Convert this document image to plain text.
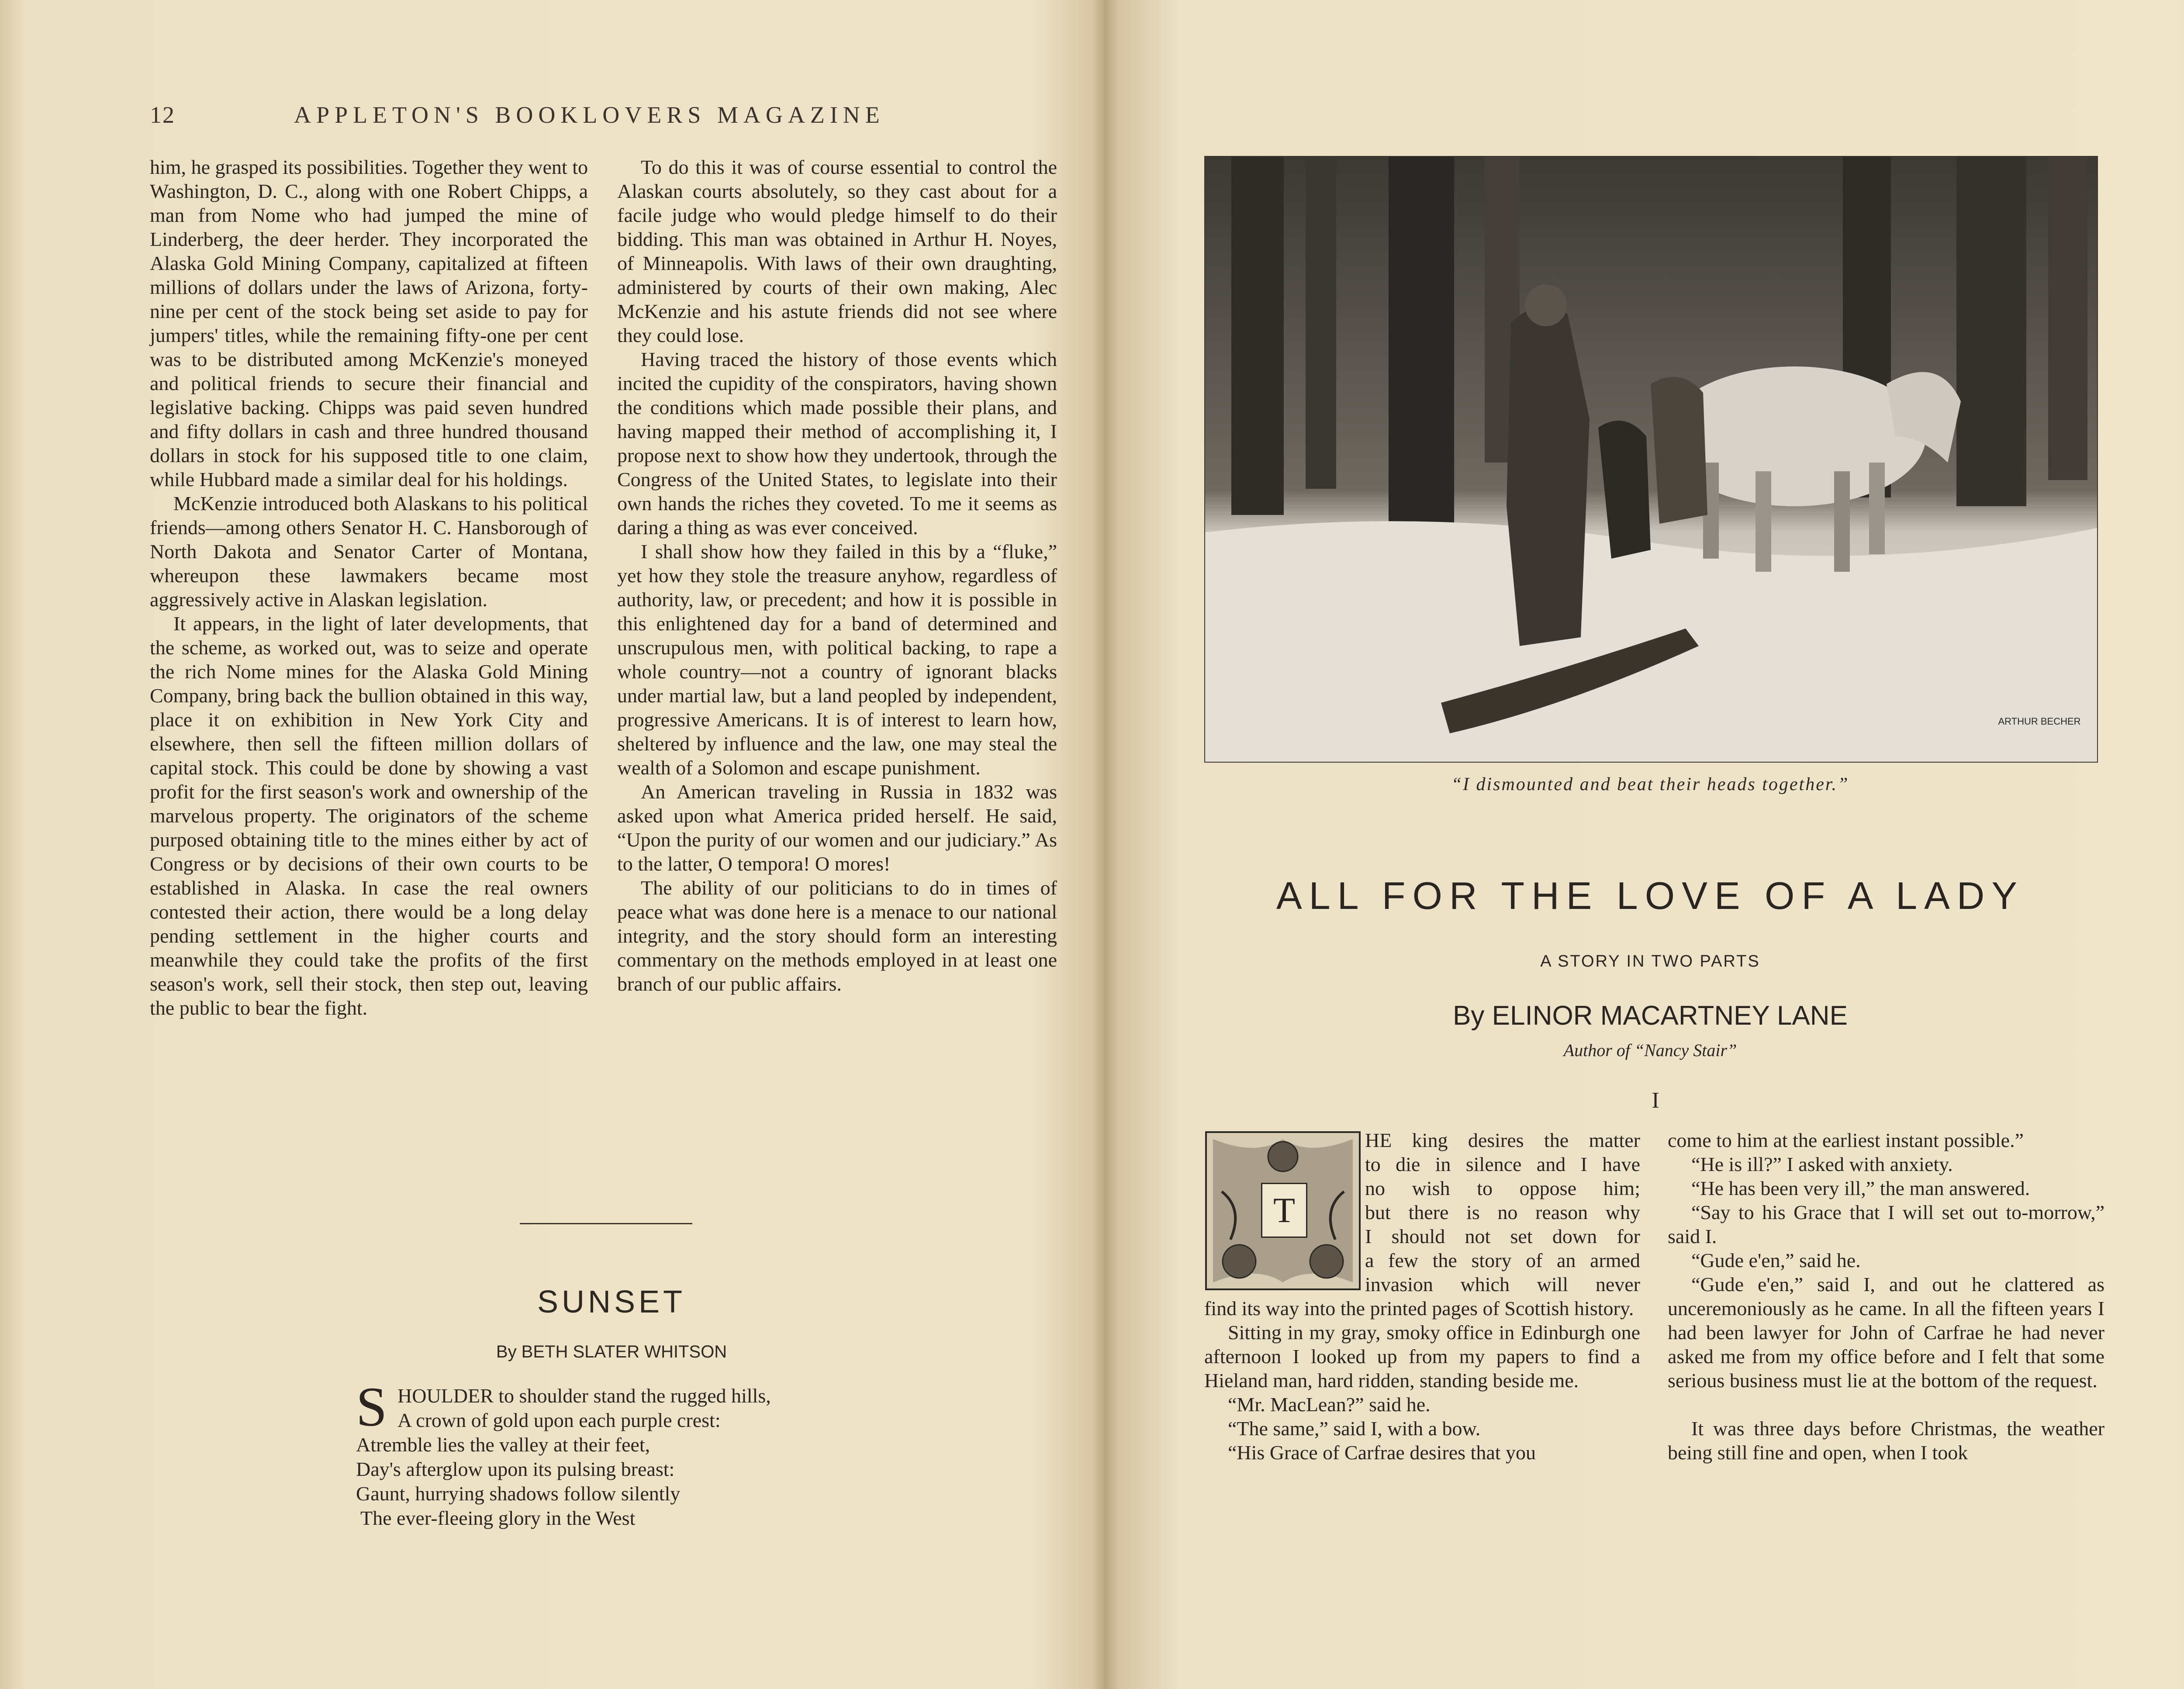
12	APPLETON'S BOOKLOVERS MAGAZINE

him, he grasped its possibilities. Together they went to Washington, D. C., along with one Robert Chipps, a man from Nome who had jumped the mine of Linderberg, the deer herder. They incorporated the Alaska Gold Mining Company, capitalized at fifteen millions of dollars under the laws of Arizona, forty-nine per cent of the stock being set aside to pay for jumpers' titles, while the remaining fifty-one per cent was to be distributed among McKenzie's moneyed and political friends to secure their financial and legislative backing. Chipps was paid seven hundred and fifty dollars in cash and three hundred thousand dollars in stock for his supposed title to one claim, while Hubbard made a similar deal for his holdings.

McKenzie introduced both Alaskans to his political friends—among others Senator H. C. Hansborough of North Dakota and Senator Carter of Montana, whereupon these lawmakers became most aggressively active in Alaskan legislation.

It appears, in the light of later developments, that the scheme, as worked out, was to seize and operate the rich Nome mines for the Alaska Gold Mining Company, bring back the bullion obtained in this way, place it on exhibition in New York City and elsewhere, then sell the fifteen million dollars of capital stock. This could be done by showing a vast profit for the first season's work and ownership of the marvelous property. The originators of the scheme purposed obtaining title to the mines either by act of Congress or by decisions of their own courts to be established in Alaska. In case the real owners contested their action, there would be a long delay pending settlement in the higher courts and meanwhile they could take the profits of the first season's work, sell their stock, then step out, leaving the public to bear the fight.

To do this it was of course essential to control the Alaskan courts absolutely, so they cast about for a facile judge who would pledge himself to do their bidding. This man was obtained in Arthur H. Noyes, of Minneapolis. With laws of their own draughting, administered by courts of their own making, Alec McKenzie and his astute friends did not see where they could lose.

Having traced the history of those events which incited the cupidity of the conspirators, having shown the conditions which made possible their plans, and having mapped their method of accomplishing it, I propose next to show how they undertook, through the Congress of the United States, to legislate into their own hands the riches they coveted. To me it seems as daring a thing as was ever conceived.

I shall show how they failed in this by a “fluke,” yet how they stole the treasure anyhow, regardless of authority, law, or precedent; and how it is possible in this enlightened day for a band of determined and unscrupulous men, with political backing, to rape a whole country—not a country of ignorant blacks under martial law, but a land peopled by independent, progressive Americans. It is of interest to learn how, sheltered by influence and the law, one may steal the wealth of a Solomon and escape punishment.

An American traveling in Russia in 1832 was asked upon what America prided herself. He said, “Upon the purity of our women and our judiciary.” As to the latter, O tempora! O mores!

The ability of our politicians to do in times of peace what was done here is a menace to our national integrity, and the story should form an interesting commentary on the methods employed in at least one branch of our public affairs.

SUNSET
By BETH SLATER WHITSON
S HOULDER to shoulder stand the rugged hills,
A crown of gold upon each purple crest:
Atremble lies the valley at their feet,
Day's afterglow upon its pulsing breast:
Gaunt, hurrying shadows follow silently
The ever-fleeing glory in the West
ARTHUR BECHER
“I dismounted and beat their heads together.”
ALL FOR THE LOVE OF A LADY
A STORY IN TWO PARTS
By ELINOR MACARTNEY LANE
Author of “Nancy Stair”
I
T
HE king desires the matter
to die in silence and I have
no wish to oppose him;
but there is no reason why
I should not set down for
a few the story of an armed
invasion which will never

find its way into the printed pages of Scottish history.

Sitting in my gray, smoky office in Edinburgh one afternoon I looked up from my papers to find a Hieland man, hard ridden, standing beside me.

“Mr. MacLean?” said he.

“The same,” said I, with a bow.

“His Grace of Carfrae desires that you

come to him at the earliest instant possible.”

“He is ill?” I asked with anxiety.

“He has been very ill,” the man answered.

“Say to his Grace that I will set out to-morrow,” said I.

“Gude e'en,” said he.

“Gude e'en,” said I, and out he clattered as unceremoniously as he came. In all the fifteen years I had been lawyer for John of Carfrae he had never asked me from my office before and I felt that some serious business must lie at the bottom of the request.

It was three days before Christmas, the weather being still fine and open, when I took
